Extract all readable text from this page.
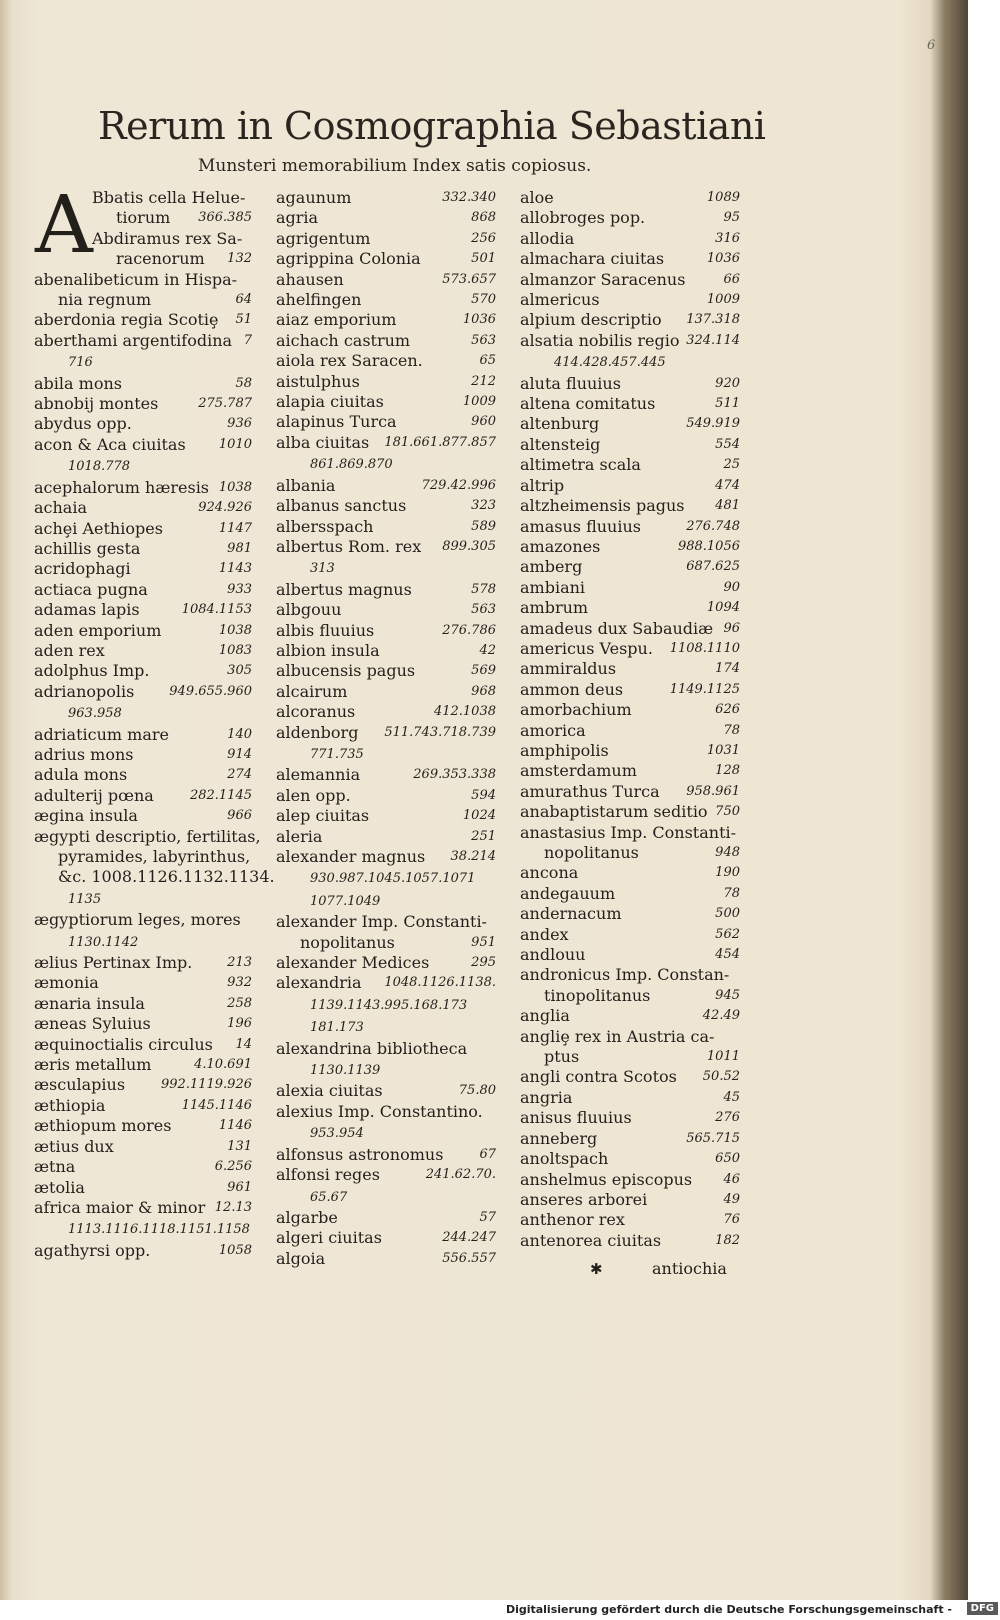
6
Rerum in Cosmographia Sebastiani
Munsteri memorabilium Index satis copiosus.
A Bbatis cella Helue-
tiorum 366.385
Abdiramus rex Sa-
racenorum 132
abenalibeticum in Hispa-
nia regnum	64
aberdonia regia Scotiȩ 51
aberthami argentifodina 7
716
abila mons	58
abnobij montes	275.787
abydus opp.	936
acon & Aca ciuitas	1010
1018.778
acephalorum hæresis 1038
achaia	924.926
achȩi Aethiopes	1147
achillis gesta	981
acridophagi	1143
actiaca pugna	933
adamas lapis	1084.1153
aden emporium	1038
aden rex	1083
adolphus Imp.	305
adrianopolis	949.655.960
963.958
adriaticum mare	140
adrius mons	914
adula mons	274
adulterij pœna	282.1145
ægina insula	966
ægypti descriptio, fertilitas,
pyramides, labyrinthus,
&c. 1008.1126.1132.1134.
1135
ægyptiorum leges, mores
1130.1142
ælius Pertinax Imp.	213
æmonia	932
ænaria insula	258
æneas Syluius	196
æquinoctialis circulus 14
æris metallum	4.10.691
æsculapius	992.1119.926
æthiopia	1145.1146
æthiopum mores	1146
ætius dux	131
ætna	6.256
ætolia	961
africa maior & minor 12.13
1113.1116.1118.1151.1158
agathyrsi opp.	1058
agaunum	332.340
agria	868
agrigentum	256
agrippina Colonia	501
ahausen	573.657
ahelfingen	570
aiaz emporium	1036
aichach castrum	563
aiola rex Saracen.	65
aistulphus	212
alapia ciuitas	1009
alapinus Turca	960
alba ciuitas 181.661.877.857
861.869.870
albania	729.42.996
albanus sanctus	323
albersspach	589
albertus Rom. rex 899.305
313
albertus magnus	578
albgouu	563
albis fluuius	276.786
albion insula	42
albucensis pagus	569
alcairum	968
alcoranus	412.1038
aldenborg 511.743.718.739
771.735
alemannia	269.353.338
alen opp.	594
alep ciuitas	1024
aleria	251
alexander magnus 38.214
930.987.1045.1057.1071
1077.1049
alexander Imp. Constanti-
nopolitanus	951
alexander Medices	295
alexandria 1048.1126.1138.
1139.1143.995.168.173
181.173
alexandrina bibliotheca
1130.1139
alexia ciuitas	75.80
alexius Imp. Constantino.
953.954
alfonsus astronomus	67
alfonsi reges	241.62.70.
65.67
algarbe	57
algeri ciuitas	244.247
algoia	556.557
aloe	1089
allobroges pop.	95
allodia	316
almachara ciuitas	1036
almanzor Saracenus	66
almericus	1009
alpium descriptio 137.318
alsatia nobilis regio 324.114
414.428.457.445
aluta fluuius	920
altena comitatus	511
altenburg	549.919
altensteig	554
altimetra scala	25
altrip	474
altzheimensis pagus 481
amasus fluuius	276.748
amazones	988.1056
amberg	687.625
ambiani	90
ambrum	1094
amadeus dux Sabaudiæ 96
americus Vespu. 1108.1110
ammiraldus	174
ammon deus	1149.1125
amorbachium	626
amorica	78
amphipolis	1031
amsterdamum	128
amurathus Turca 958.961
anabaptistarum seditio 750
anastasius Imp. Constanti-
nopolitanus	948
ancona	190
andegauum	78
andernacum	500
andex	562
andlouu	454
andronicus Imp. Constan-
tinopolitanus	945
anglia	42.49
angliȩ rex in Austria ca-
ptus	1011
angli contra Scotos 50.52
angria	45
anisus fluuius	276
anneberg	565.715
anoltspach	650
anshelmus episcopus 46
anseres arborei	49
anthenor rex	76
antenorea ciuitas	182
✱	antiochia
Digitalisierung gefördert durch die Deutsche Forschungsgemeinschaft -	DFG
